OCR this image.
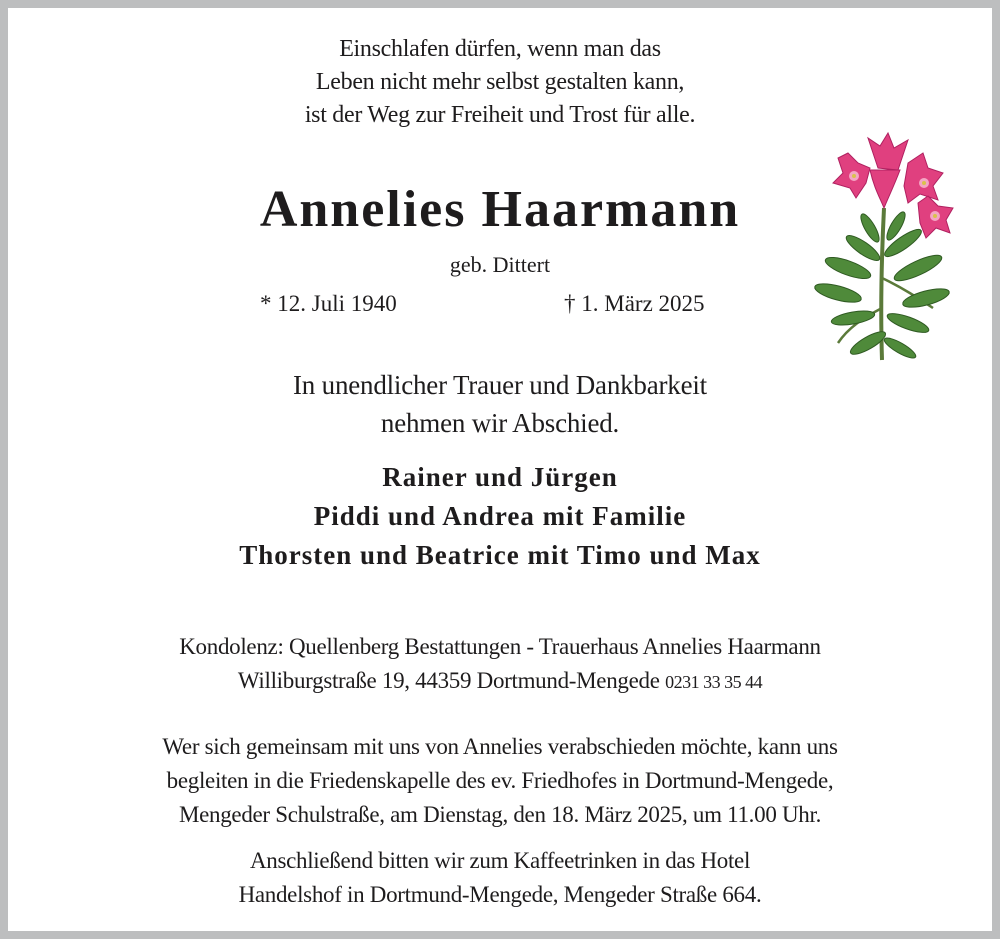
Einschlafen dürfen, wenn man das
Leben nicht mehr selbst gestalten kann,
ist der Weg zur Freiheit und Trost für alle.
Annelies Haarmann
geb. Dittert
* 12. Juli 1940	† 1. März 2025
In unendlicher Trauer und Dankbarkeit
nehmen wir Abschied.
Rainer und Jürgen
Piddi und Andrea mit Familie
Thorsten und Beatrice mit Timo und Max
Kondolenz: Quellenberg Bestattungen - Trauerhaus Annelies Haarmann
Williburgstraße 19, 44359 Dortmund-Mengede 0231 33 35 44
Wer sich gemeinsam mit uns von Annelies verabschieden möchte, kann uns
begleiten in die Friedenskapelle des ev. Friedhofes in Dortmund-Mengede,
Mengeder Schulstraße, am Dienstag, den 18. März 2025, um 11.00 Uhr.
Anschließend bitten wir zum Kaffeetrinken in das Hotel
Handelshof in Dortmund-Mengede, Mengeder Straße 664.
